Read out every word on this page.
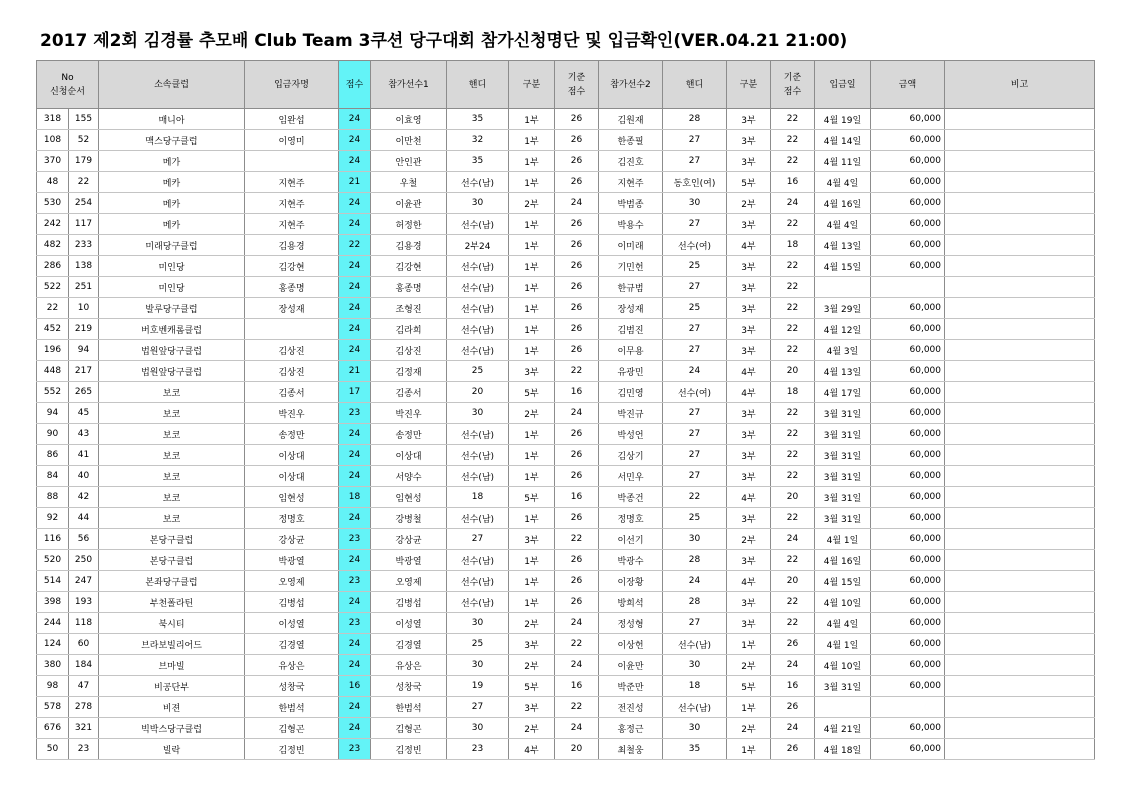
2017 제2회 김경률 추모배 Club Team 3쿠션 당구대회 참가신청명단 및 입금확인(VER.04.21 21:00)
No
신청순서		소속클럽	입금자명	점수	참가선수1	핸디	구분	기준
점수	참가선수2	핸디	구분	기준
점수	입금일	금액	비고
318	155	매니아	임완섭	24	이효영	35	1부	26	김원재	28	3부	22	4월 19일	60,000	
108	52	맥스당구클럽	이영미	24	이만천	32	1부	26	한종필	27	3부	22	4월 14일	60,000	
370	179	메가		24	안인관	35	1부	26	김진호	27	3부	22	4월 11일	60,000	
48	22	메카	지현주	21	우철	선수(남)	1부	26	지현주	동호인(여)	5부	16	4월 4일	60,000	
530	254	메카	지현주	24	이윤관	30	2부	24	박범종	30	2부	24	4월 16일	60,000	
242	117	메카	지현주	24	허정한	선수(남)	1부	26	박용수	27	3부	22	4월 4일	60,000	
482	233	미래당구클럽	김용경	22	김용경	2부24	1부	26	이미래	선수(여)	4부	18	4월 13일	60,000	
286	138	미인당	김강현	24	김강현	선수(남)	1부	26	기민헌	25	3부	22	4월 15일	60,000	
522	251	미인당	홍종명	24	홍종명	선수(남)	1부	26	한규범	27	3부	22			
22	10	발루당구클럽	장성재	24	조형진	선수(남)	1부	26	장성재	25	3부	22	3월 29일	60,000	
452	219	버호벤캐롬클럽		24	김라희	선수(남)	1부	26	김범진	27	3부	22	4월 12일	60,000	
196	94	법원앞당구클럽	김상진	24	김상진	선수(남)	1부	26	이무용	27	3부	22	4월 3일	60,000	
448	217	법원앞당구클럽	김상진	21	김정재	25	3부	22	유광민	24	4부	20	4월 13일	60,000	
552	265	보코	김종서	17	김종서	20	5부	16	김민영	선수(여)	4부	18	4월 17일	60,000	
94	45	보코	박진우	23	박진우	30	2부	24	박진규	27	3부	22	3월 31일	60,000	
90	43	보코	송정만	24	송정만	선수(남)	1부	26	박성언	27	3부	22	3월 31일	60,000	
86	41	보코	이상대	24	이상대	선수(남)	1부	26	김상기	27	3부	22	3월 31일	60,000	
84	40	보코	이상대	24	서양수	선수(남)	1부	26	서민우	27	3부	22	3월 31일	60,000	
88	42	보코	임현성	18	임현성	18	5부	16	박종건	22	4부	20	3월 31일	60,000	
92	44	보코	정명호	24	강병철	선수(남)	1부	26	정명호	25	3부	22	3월 31일	60,000	
116	56	본당구클럽	강상균	23	강상균	27	3부	22	이선기	30	2부	24	4월 1일	60,000	
520	250	본당구클럽	박광열	24	박광열	선수(남)	1부	26	박광수	28	3부	22	4월 16일	60,000	
514	247	본좌당구클럽	오영제	23	오영제	선수(남)	1부	26	이장황	24	4부	20	4월 15일	60,000	
398	193	부천폴라틴	김병섭	24	김병섭	선수(남)	1부	26	방희석	28	3부	22	4월 10일	60,000	
244	118	북시티	이성열	23	이성열	30	2부	24	정성형	27	3부	22	4월 4일	60,000	
124	60	브라보빌리어드	김경열	24	김경열	25	3부	22	이상헌	선수(남)	1부	26	4월 1일	60,000	
380	184	브마빌	유상은	24	유상은	30	2부	24	이윤만	30	2부	24	4월 10일	60,000	
98	47	비공단부	성창국	16	성창국	19	5부	16	박준만	18	5부	16	3월 31일	60,000	
578	278	비젼	한범석	24	한범석	27	3부	22	전진성	선수(남)	1부	26			
676	321	빅박스당구클럽	김형곤	24	김형곤	30	2부	24	홍정근	30	2부	24	4월 21일	60,000	
50	23	빌락	김정빈	23	김정빈	23	4부	20	최철웅	35	1부	26	4월 18일	60,000	
